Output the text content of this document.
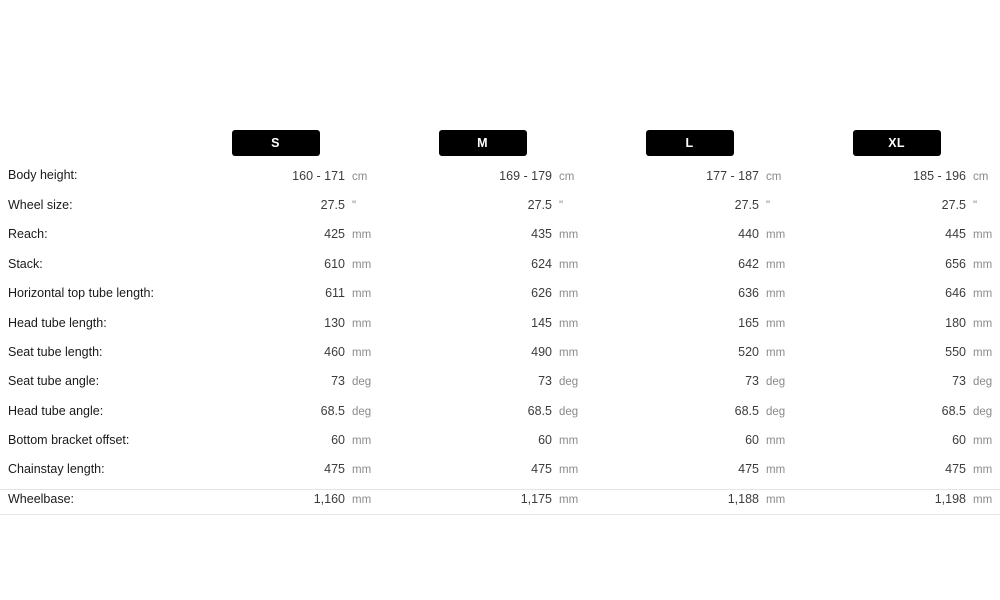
	S	M	L	XL
Body height:	160 - 171 cm	169 - 179 cm	177 - 187 cm	185 - 196 cm
Wheel size:	27.5 "	27.5 "	27.5 "	27.5 "
Reach:	425 mm	435 mm	440 mm	445 mm
Stack:	610 mm	624 mm	642 mm	656 mm
Horizontal top tube length:	611 mm	626 mm	636 mm	646 mm
Head tube length:	130 mm	145 mm	165 mm	180 mm
Seat tube length:	460 mm	490 mm	520 mm	550 mm
Seat tube angle:	73 deg	73 deg	73 deg	73 deg
Head tube angle:	68.5 deg	68.5 deg	68.5 deg	68.5 deg
Bottom bracket offset:	60 mm	60 mm	60 mm	60 mm
Chainstay length:	475 mm	475 mm	475 mm	475 mm
Wheelbase:	1,160 mm	1,175 mm	1,188 mm	1,198 mm
